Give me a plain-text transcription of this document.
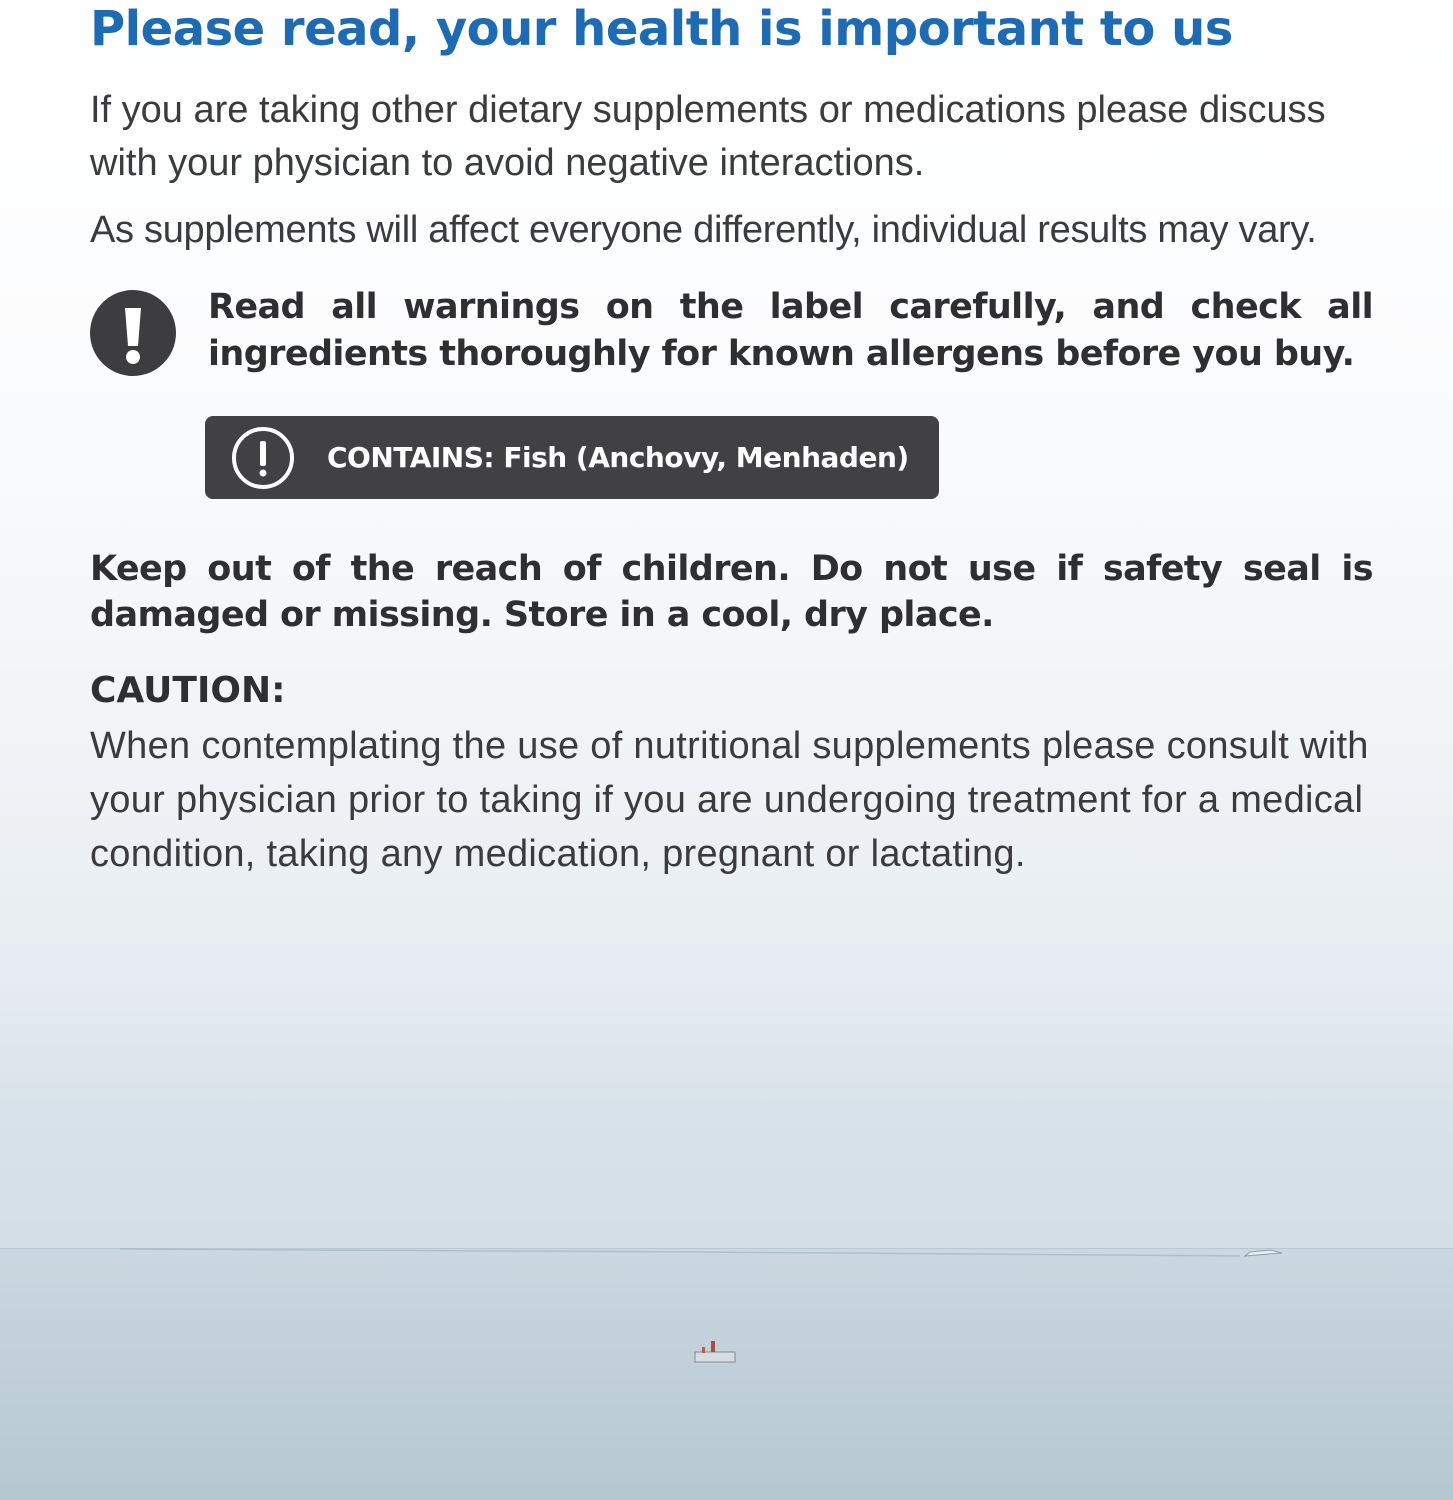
Please read, your health is important to us

If you are taking other dietary supplements or medications please discuss with your physician to avoid negative interactions.

As supplements will affect everyone differently, individual results may vary.

Read all warnings on the label carefully, and check all ingredients thoroughly for known allergens before you buy.

CONTAINS: Fish (Anchovy, Menhaden)

Keep out of the reach of children. Do not use if safety seal is damaged or missing. Store in a cool, dry place.

CAUTION:

When contemplating the use of nutritional supplements please consult with your physician prior to taking if you are undergoing treatment for a medical condition, taking any medication, pregnant or lactating.
